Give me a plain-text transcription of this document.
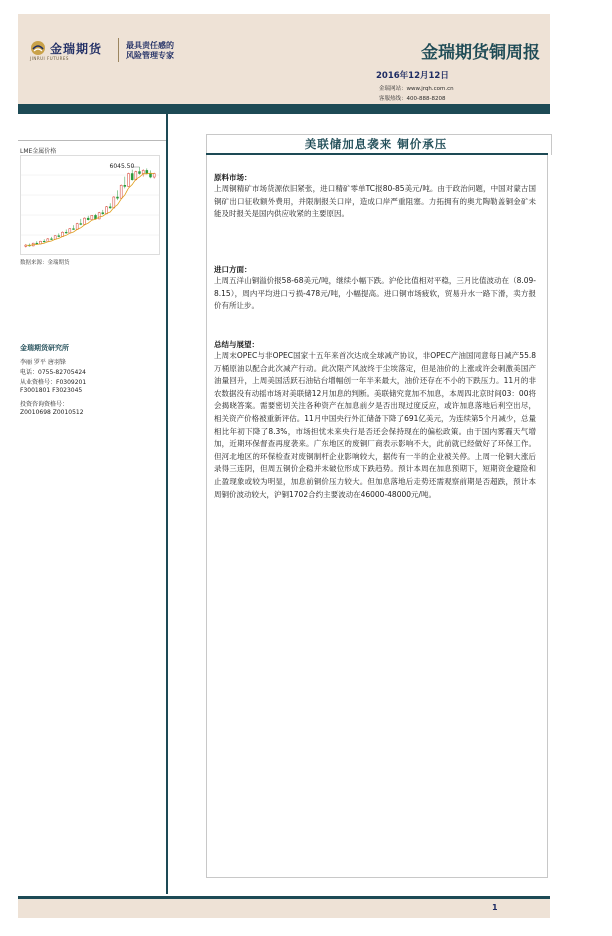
金瑞期货
JINRUI FUTURES
最具责任感的
风险管理专家	金瑞期货铜周报
2016年12月12日
金瑞网站：www.jrqh.com.cn
客服热线：400-888-8208
LME金属价格
6045.50
数据来源：金瑞期货
金瑞期货研究所
李丽 罗平 唐羽锋
电话：0755-82705424
从业资格号：F0309201
F3001801 F3023045
投资咨询资格号：
Z0010698 Z0010512
美联储加息袭来 铜价承压
原料市场：

上周铜精矿市场货源依旧紧张，进口精矿零单TC报80-85美元/吨。由于政治问题，中国对蒙古国铜矿出口征收额外费用，并限制报关口岸，造成口岸严重阻塞。力拓拥有的奥尤陶勒盖铜金矿未能及时报关是国内供应收紧的主要原因。

进口方面：

上周五洋山铜溢价报58-68美元/吨，继续小幅下跌。沪伦比值相对平稳，三月比值波动在（8.09-8.15），周内平均进口亏损-478元/吨，小幅提高。进口铜市场疲软，贸易升水一路下滑，卖方报价有所让步。

总结与展望：

上周末OPEC与非OPEC国家十五年来首次达成全球减产协议，非OPEC产油国同意每日减产55.8万桶原油以配合此次减产行动。此次限产风波终于尘埃落定，但是油价的上涨或许会刺激美国产油量回升，上周美国活跃石油钻台增幅创一年半来最大，油价还存在不小的下跌压力。11月的非农数据没有动摇市场对美联储12月加息的判断。美联储究竟加不加息，本周四北京时间03：00将会揭晓答案。需要密切关注各种资产在加息前夕是否出现过度反应，或许加息落地后利空出尽，相关资产价格被重新评估。11月中国央行外汇储备下降了691亿美元，为连续第5个月减少，总量相比年初下降了8.3%，市场担忧未来央行是否还会保持现在的偏松政策。由于国内雾霾天气增加，近期环保督查再度袭来。广东地区的废铜厂商表示影响不大，此前就已经做好了环保工作。但河北地区的环保检查对废铜制杆企业影响较大，据传有一半的企业被关停。上周一伦铜大涨后录得三连阴，但周五铜价企稳并未破位形成下跌趋势。预计本周在加息预期下，短期资金避险和止盈现象或较为明显，加息前铜价压力较大。但加息落地后走势还需观察前期是否超跌，预计本周铜价波动较大，沪铜1702合约主要波动在46000-48000元/吨。

1
